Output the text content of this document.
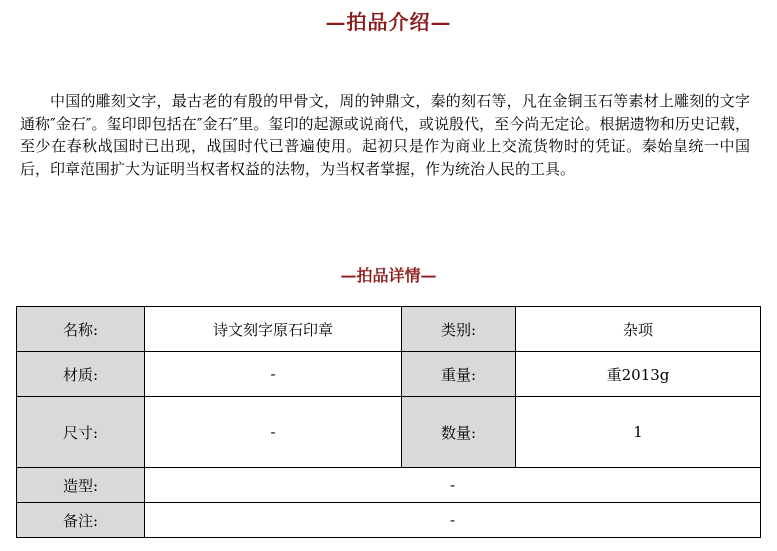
—拍品介绍—

中国的雕刻文字，最古老的有殷的甲骨文，周的钟鼎文，秦的刻石等，凡在金铜玉石等素材上雕刻的文字通称″金石″。玺印即包括在″金石″里。玺印的起源或说商代，或说殷代，至今尚无定论。根据遗物和历史记载，至少在春秋战国时已出现，战国时代已普遍使用。起初只是作为商业上交流货物时的凭证。秦始皇统一中国后，印章范围扩大为证明当权者权益的法物，为当权者掌握，作为统治人民的工具。

—拍品详情—
名称:	诗文刻字原石印章	类别:	杂项
材质:	-	重量:	重2013g
尺寸:	-	数量:	1
造型:	-		
备注:	-		
